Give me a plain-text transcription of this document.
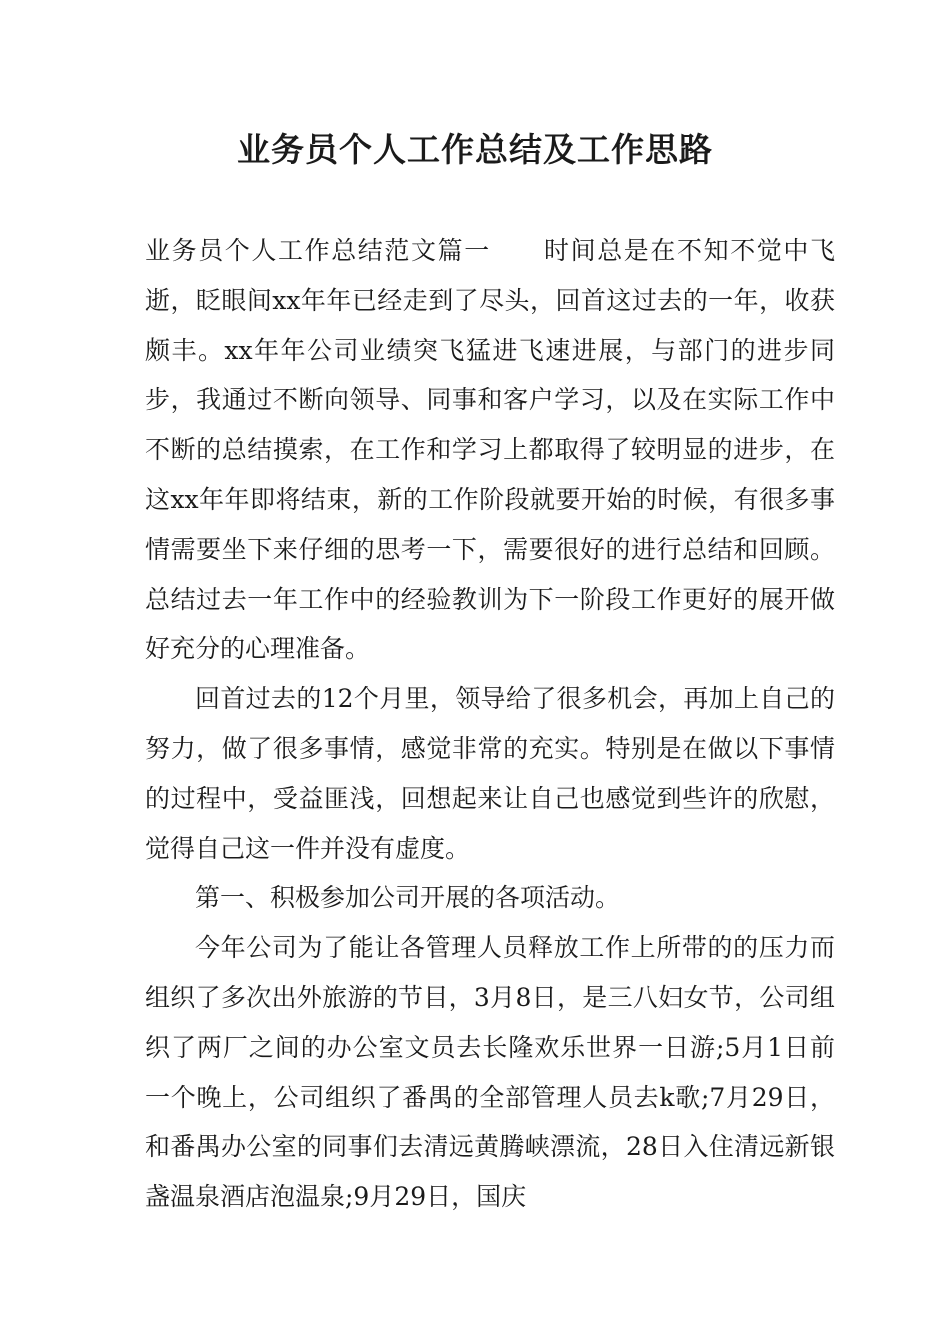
业务员个人工作总结及工作思路

业务员个人工作总结范文篇一　　时间总是在不知不觉中飞逝，眨眼间xx年年已经走到了尽头，回首这过去的一年，收获颇丰。xx年年公司业绩突飞猛进飞速进展，与部门的进步同步，我通过不断向领导、同事和客户学习，以及在实际工作中不断的总结摸索，在工作和学习上都取得了较明显的进步，在这xx年年即将结束，新的工作阶段就要开始的时候，有很多事情需要坐下来仔细的思考一下，需要很好的进行总结和回顾。总结过去一年工作中的经验教训为下一阶段工作更好的展开做好充分的心理准备。

回首过去的12个月里，领导给了很多机会，再加上自己的努力，做了很多事情，感觉非常的充实。特别是在做以下事情的过程中，受益匪浅，回想起来让自己也感觉到些许的欣慰，觉得自己这一件并没有虚度。

第一、积极参加公司开展的各项活动。

今年公司为了能让各管理人员释放工作上所带的的压力而组织了多次出外旅游的节目，3月8日，是三八妇女节，公司组织了两厂之间的办公室文员去长隆欢乐世界一日游;5月1日前一个晚上，公司组织了番禺的全部管理人员去k歌;7月29日，和番禺办公室的同事们去清远黄腾峡漂流，28日入住清远新银盏温泉酒店泡温泉;9月29日，国庆
